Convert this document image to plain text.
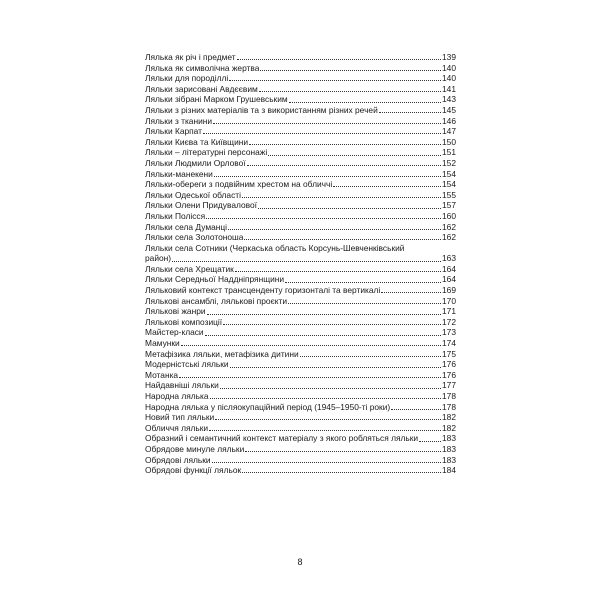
Лялька як річ і предмет	139
Лялька як символічна жертва	140
Ляльки для породіллі	140
Ляльки зарисовані Авдєєвим	141
Ляльки зібрані Марком Грушевським	143
Ляльки з різних матеріалів та з використанням різних речей	145
Ляльки з тканини	146
Ляльки Карпат	147
Ляльки Києва та Київщини	150
Ляльки – літературні персонажі	151
Ляльки Людмили Орлової	152
Ляльки-манекени	154
Ляльки-обереги з подвійним хрестом на обличчі	154
Ляльки Одеської області	155
Ляльки Олени Придувалової	157
Ляльки Полісся	160
Ляльки села Думанці	162
Ляльки села Золотоноша	162
Ляльки села Сотники (Черкаська область Корсунь-Шевченківський
район)	163
Ляльки села Хрещатик	164
Ляльки Середньої Наддніпрянщини	164
Ляльковий контекст трансценденту горизонталі та вертикалі	169
Лялькові ансамблі, лялькові проєкти	170
Лялькові жанри	171
Лялькові композиції	172
Майстер-класи	173
Мамунки	174
Метафізика ляльки, метафізика дитини	175
Модерністські ляльки	176
Мотанка	176
Найдавніші ляльки	177
Народна лялька	178
Народна лялька у післяокупаційний період (1945–1950-ті роки)	178
Новий тип ляльки	182
Обличчя ляльки	182
Образний і семантичний контекст матеріалу з якого робляться ляльки	183
Обрядове минуле ляльки	183
Обрядові ляльки	183
Обрядові функції ляльок	184
8
